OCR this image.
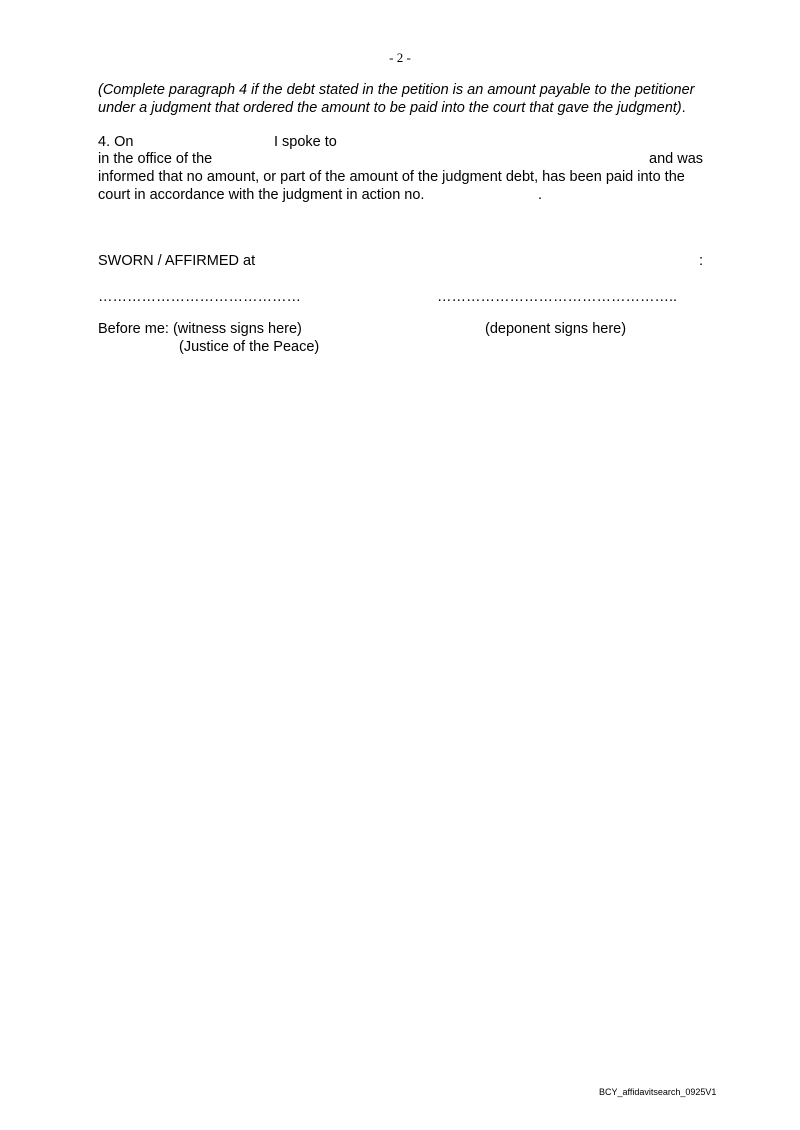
- 2 -
(Complete paragraph 4 if the debt stated in the petition is an amount payable to the petitioner
under a judgment that ordered the amount to be paid into the court that gave the judgment).
4. On	I spoke to
in the office of the	and was
informed that no amount, or part of the amount of the judgment debt, has been paid into the
court in accordance with the judgment in action no.	.
SWORN / AFFIRMED at	:
……………………………………	…………………………………………..
Before me: (witness signs here)	(deponent signs here)
(Justice of the Peace)
BCY_affidavitsearch_0925V1
